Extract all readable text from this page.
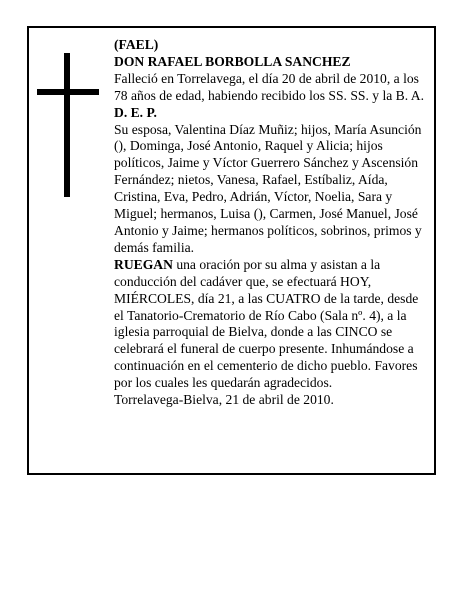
(FAEL)

DON RAFAEL BORBOLLA SANCHEZ

Falleció en Torrelavega, el día 20 de abril de 2010, a los 78 años de edad, habiendo recibido los SS. SS. y la B. A.

D. E. P.

Su esposa, Valentina Díaz Muñiz; hijos, María Asunción (), Dominga, José Antonio, Raquel y Alicia; hijos políticos, Jaime y Víctor Guerrero Sánchez y Ascensión Fernández; nietos, Vanesa, Rafael, Estíbaliz, Aída, Cristina, Eva, Pedro, Adrián, Víctor, Noelia, Sara y Miguel; hermanos, Luisa (), Carmen, José Manuel, José Antonio y Jaime; hermanos políticos, sobrinos, primos y demás familia.

RUEGAN una oración por su alma y asistan a la conducción del cadáver que, se efectuará HOY, MIÉRCOLES, día 21, a las CUATRO de la tarde, desde el Tanatorio-Crematorio de Río Cabo (Sala nº. 4), a la iglesia parroquial de Bielva, donde a las CINCO se celebrará el funeral de cuerpo presente. Inhumándose a continuación en el cementerio de dicho pueblo. Favores por los cuales les quedarán agradecidos.

Torrelavega-Bielva, 21 de abril de 2010.
